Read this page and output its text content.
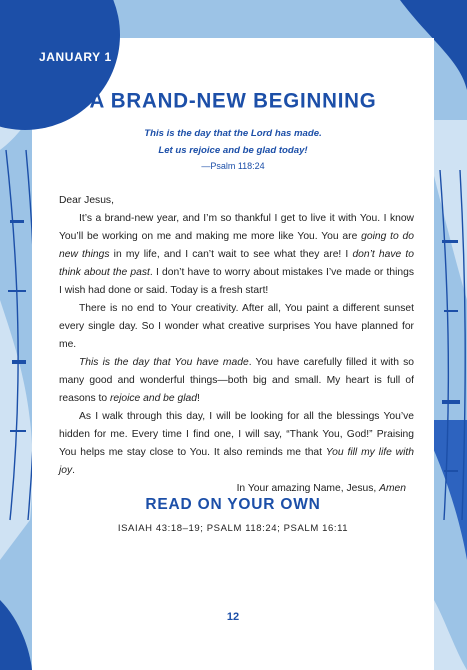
JANUARY 1
A BRAND-NEW BEGINNING
This is the day that the Lord has made.
Let us rejoice and be glad today!
—Psalm 118:24

Dear Jesus,

It’s a brand-new year, and I’m so thankful I get to live it with You. I know You’ll be working on me and making me more like You. You are going to do new things in my life, and I can’t wait to see what they are! I don’t have to think about the past. I don’t have to worry about mistakes I’ve made or things I wish had done or said. Today is a fresh start!

There is no end to Your creativity. After all, You paint a different sunset every single day. So I wonder what creative surprises You have planned for me.

This is the day that You have made. You have carefully filled it with so many good and wonderful things—both big and small. My heart is full of reasons to rejoice and be glad!

As I walk through this day, I will be looking for all the blessings You’ve hidden for me. Every time I find one, I will say, “Thank You, God!” Praising You helps me stay close to You. It also reminds me that You fill my life with joy.

In Your amazing Name, Jesus, Amen

READ ON YOUR OWN
ISAIAH 43:18–19; PSALM 118:24; PSALM 16:11
12
